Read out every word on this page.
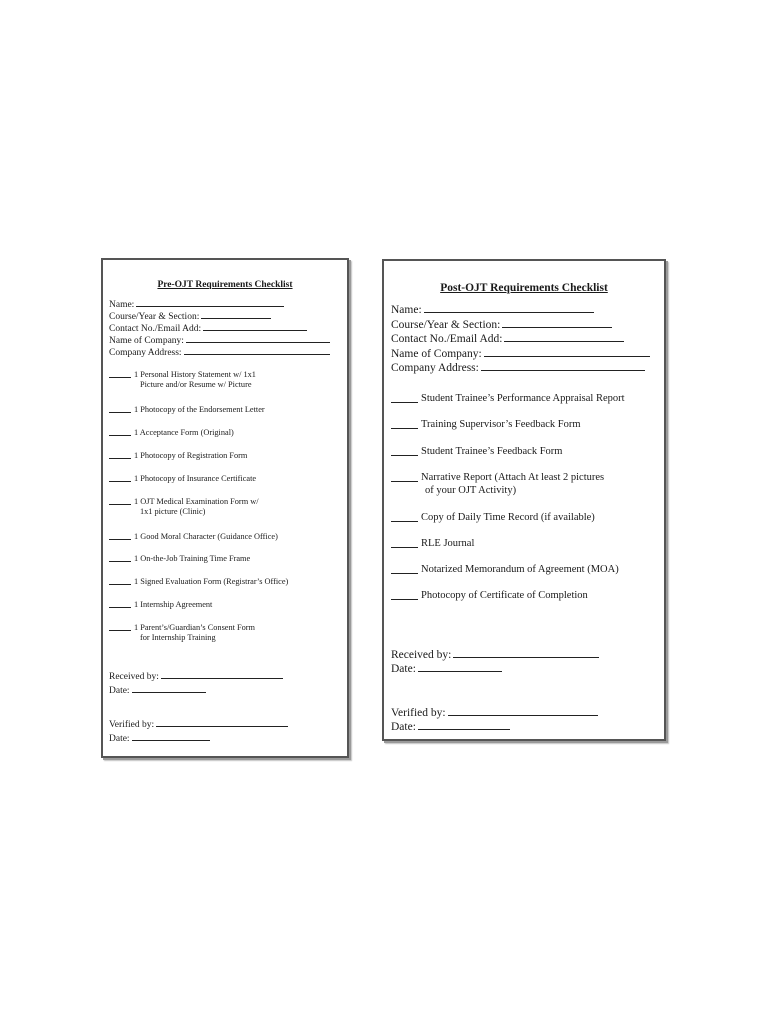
Pre-OJT Requirements Checklist
Name:
Course/Year & Section:
Contact No./Email Add:
Name of Company:
Company Address:
1 Personal History Statement w/ 1x1
Picture and/or Resume w/ Picture
1 Photocopy of the Endorsement Letter
1 Acceptance Form (Original)
1 Photocopy of Registration Form
1 Photocopy of Insurance Certificate
1 OJT Medical Examination Form w/
1x1 picture (Clinic)
1 Good Moral Character (Guidance Office)
1 On-the-Job Training Time Frame
1 Signed Evaluation Form (Registrar’s Office)
1 Internship Agreement
1 Parent’s/Guardian’s Consent Form
for Internship Training
Received by:
Date:
Verified by:
Date:
Post-OJT Requirements Checklist
Name:
Course/Year & Section:
Contact No./Email Add:
Name of Company:
Company Address:
Student Trainee’s Performance Appraisal Report
Training Supervisor’s Feedback Form
Student Trainee’s Feedback Form
Narrative Report (Attach At least 2 pictures
of your OJT Activity)
Copy of Daily Time Record (if available)
RLE Journal
Notarized Memorandum of Agreement (MOA)
Photocopy of Certificate of Completion
Received by:
Date:
Verified by:
Date:
